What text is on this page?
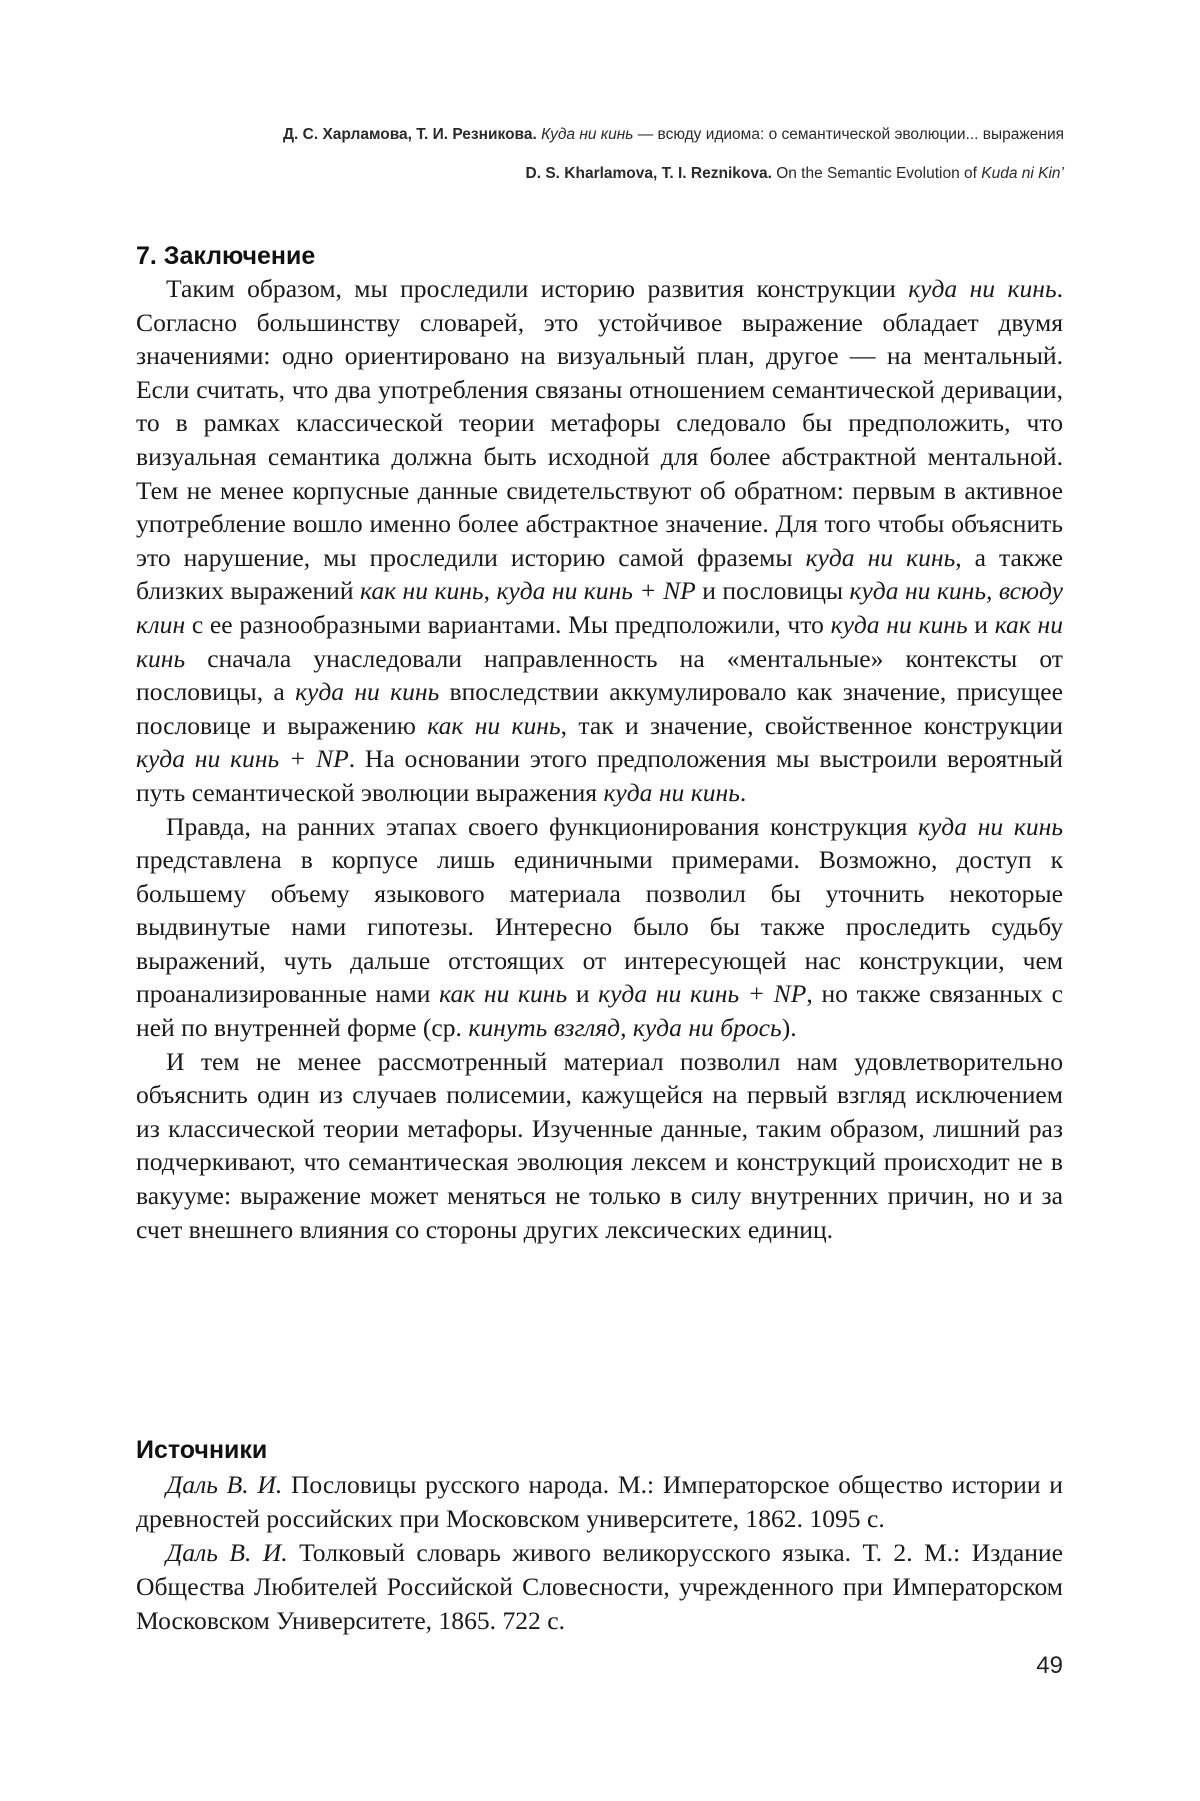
Д. С. Харламова, Т. И. Резникова. Куда ни кинь — всюду идиома: о семантической эволюции... выражения
D. S. Kharlamova, T. I. Reznikova. On the Semantic Evolution of Kuda ni Kin’
7. Заключение

Таким образом, мы проследили историю развития конструкции куда ни кинь. Согласно большинству словарей, это устойчивое выражение обладает двумя значениями: одно ориентировано на визуальный план, другое — на ментальный. Если считать, что два употребления связаны отношением семантической деривации, то в рамках классической теории метафоры следовало бы предположить, что визуальная семантика должна быть исходной для более абстрактной ментальной. Тем не менее корпусные данные свидетельствуют об обратном: первым в активное употребление вошло именно более абстрактное значение. Для того чтобы объяснить это нарушение, мы проследили историю самой фраземы куда ни кинь, а также близких выражений как ни кинь, куда ни кинь + NP и пословицы куда ни кинь, всюду клин с ее разнообразными вариантами. Мы предположили, что куда ни кинь и как ни кинь сначала унаследовали направленность на «ментальные» контексты от пословицы, а куда ни кинь впоследствии аккумулировало как значение, присущее пословице и выражению как ни кинь, так и значение, свойственное конструкции куда ни кинь + NP. На основании этого предположения мы выстроили вероятный путь семантической эволюции выражения куда ни кинь.

Правда, на ранних этапах своего функционирования конструкция куда ни кинь представлена в корпусе лишь единичными примерами. Возможно, доступ к большему объему языкового материала позволил бы уточнить некоторые выдвинутые нами гипотезы. Интересно было бы также проследить судьбу выражений, чуть дальше отстоящих от интересующей нас конструкции, чем проанализированные нами как ни кинь и куда ни кинь + NP, но также связанных с ней по внутренней форме (ср. кинуть взгляд, куда ни брось).

И тем не менее рассмотренный материал позволил нам удовлетворительно объяснить один из случаев полисемии, кажущейся на первый взгляд исключением из классической теории метафоры. Изученные данные, таким образом, лишний раз подчеркивают, что семантическая эволюция лексем и конструкций происходит не в вакууме: выражение может меняться не только в силу внутренних причин, но и за счет внешнего влияния со стороны других лексических единиц.

Источники

Даль В. И. Пословицы русского народа. М.: Императорское общество истории и древностей российских при Московском университете, 1862. 1095 с.

Даль В. И. Толковый словарь живого великорусского языка. Т. 2. М.: Издание Общества Любителей Российской Словесности, учрежденного при Императорском Московском Университете, 1865. 722 с.

49
